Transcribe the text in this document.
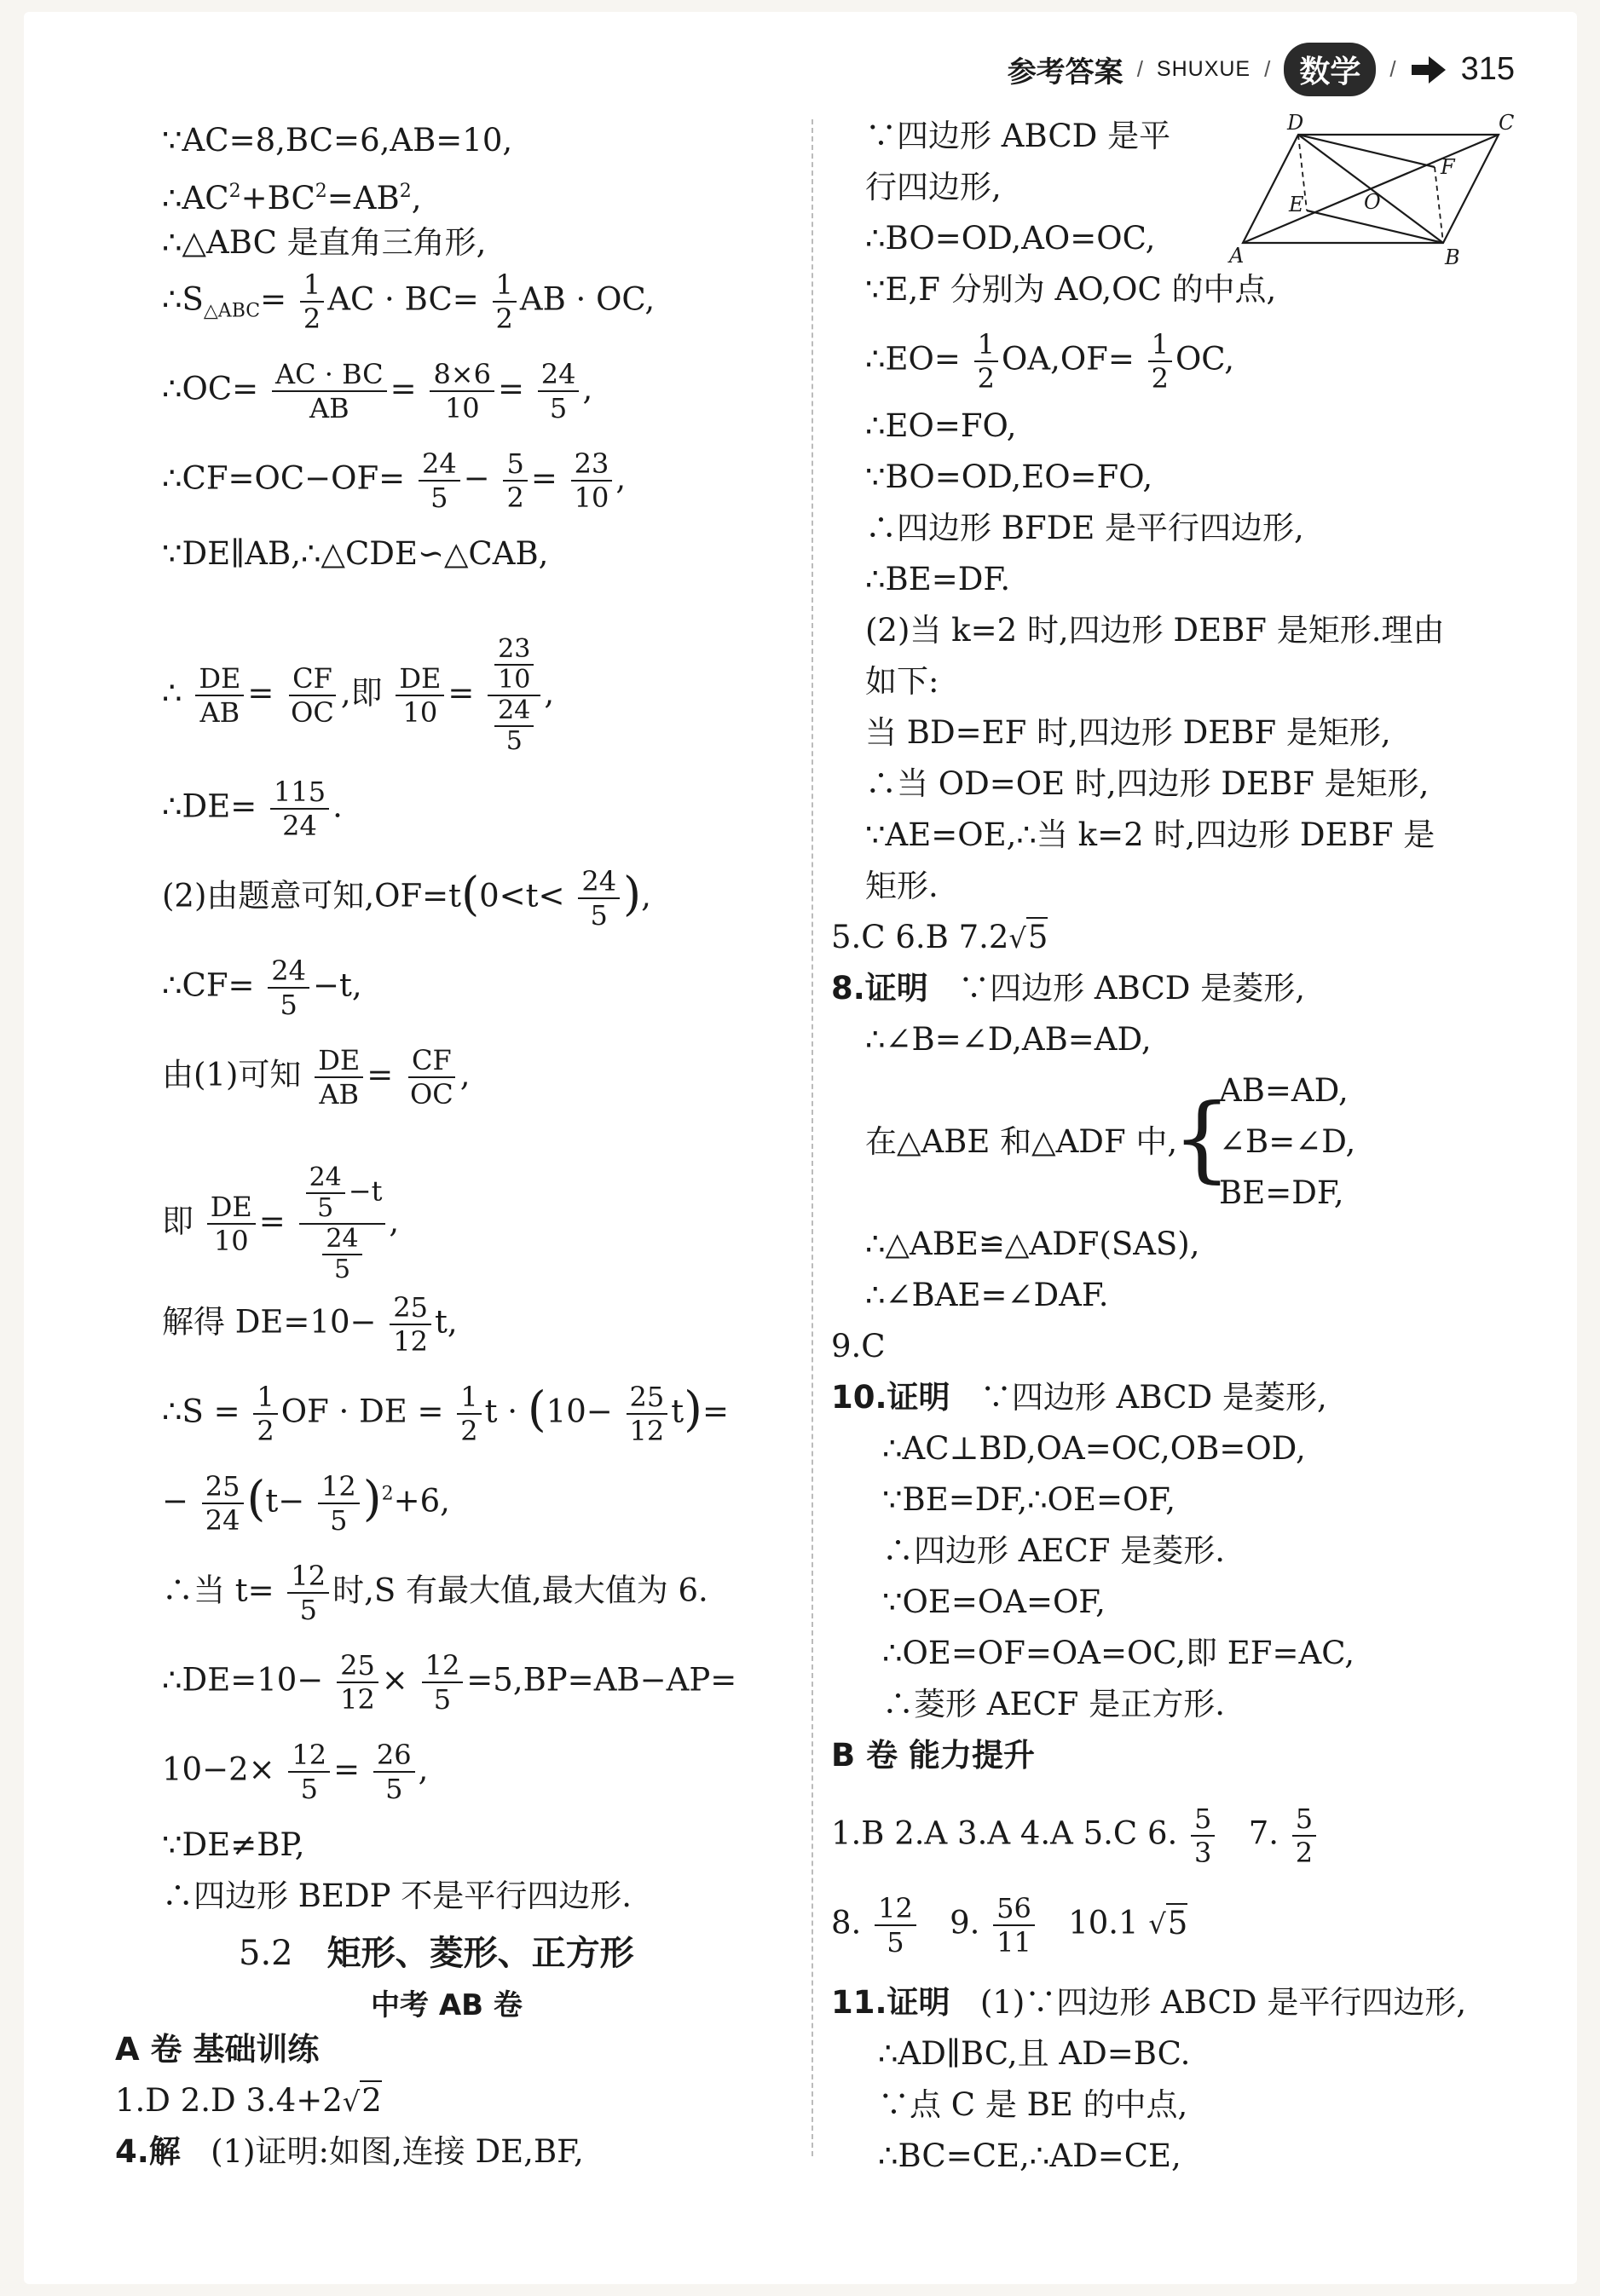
参考答案 / SHUXUE / 数学	/ 315
∵AC=8,BC=6,AB=10,
$\therefore AC^2+BC^2=AB^2$,
∴△ABC 是直角三角形,
$\therefore S_{\triangle ABC}= \frac{1}{2}$ AC · $BC= \frac{1}{2}$ AB · OC,
∴OC= $\frac{AC \cdot BC}{AB} = \frac{8\times 6}{10} = \frac{24}{5}$ ,
∴CF=OC−OF= $\frac{24}{5} - \frac{5}{2} = \frac{23}{10}$ ,
∵DE∥AB,∴△CDE∽△CAB,
∴ $\frac{DE}{AB} = \frac{CF}{OC}$ ,即 $\frac{DE}{10} = \frac{\frac{23}{10}}{\frac{24}{5}}$ ,
∴DE= $\frac{115}{24}$ .
(2)由题意可知$,OF=t(0<t< \frac{24}{5}$ ),
∴CF= $\frac{24}{5} -t$,
由(1)可知 $\frac{DE}{AB} = \frac{CF}{OC}$ ,
即 $\frac{DE}{10} = \frac{\frac{24}{5} -t}{\frac{24}{5}}$ ,
解得 $DE=10- \frac{25}{12} t$,
∴S = $\frac{1}{2}$ OF · DE = $\frac{1}{2}$ $t \cdot (10- \frac{25}{12} t)=$
− $\frac{25}{24} (t- \frac{12}{5} )^2+6$,
∴当 $t= \frac{12}{5}$ 时,S 有最大值,最大值为 6.
∴DE=10− $\frac{25}{12} \times \frac{12}{5} =5,BP=AB-AP=$
$10-2\times \frac{12}{5} = \frac{26}{5}$ ,
∵DE≠BP,
∴四边形 BEDP 不是平行四边形.
5.2 矩形、菱形、正方形
中考 AB 卷
A 卷 基础训练
1.D 2.D 3.4+2√2
4.解 (1)证明:如图,连接 DE,BF,
∵四边形 ABCD 是平
行四边形,
∴BO=OD,AO=OC,
∵E,F 分别为 AO,OC 的中点,
∴EO= $\frac{1}{2} OA,OF= \frac{1}{2}$ OC,
∴EO=FO,
∵BO=OD,EO=FO,
∴四边形 BFDE 是平行四边形,
∴BE=DF.
(2)当 k=2 时,四边形 DEBF 是矩形.理由
如下:
当 BD=EF 时,四边形 DEBF 是矩形,
∴当 OD=OE 时,四边形 DEBF 是矩形,
∵AE=OE,∴当 k=2 时,四边形 DEBF 是
矩形.
5.C 6.B 7.2√5
8.证明 ∵四边形 ABCD 是菱形,
∴∠B=∠D,AB=AD,
在△ABE 和△ADF 中,
{
AB=AD,
∠B=∠D,
BE=DF,
∴△ABE≌△ADF(SAS),
∴∠BAE=∠DAF.
9.C
10.证明 ∵四边形 ABCD 是菱形,
∴AC⊥BD,OA=OC,OB=OD,
∵BE=DF,∴OE=OF,
∴四边形 AECF 是菱形.
∵OE=OA=OF,
∴OE=OF=OA=OC,即 EF=AC,
∴菱形 AECF 是正方形.
B 卷 能力提升
1.B 2.A 3.A 4.A 5.C 6. $\frac{5}{3} 7$. $\frac{5}{2}$
8. $\frac{12}{5} 9$. $\frac{56}{11} 10.1$ √5
11.证明 (1)∵四边形 ABCD 是平行四边形,
∴AD∥BC,且 AD=BC.
∵点 C 是 BE 的中点,
∴BC=CE,∴AD=CE,
A	B
C
D
E
F
O
